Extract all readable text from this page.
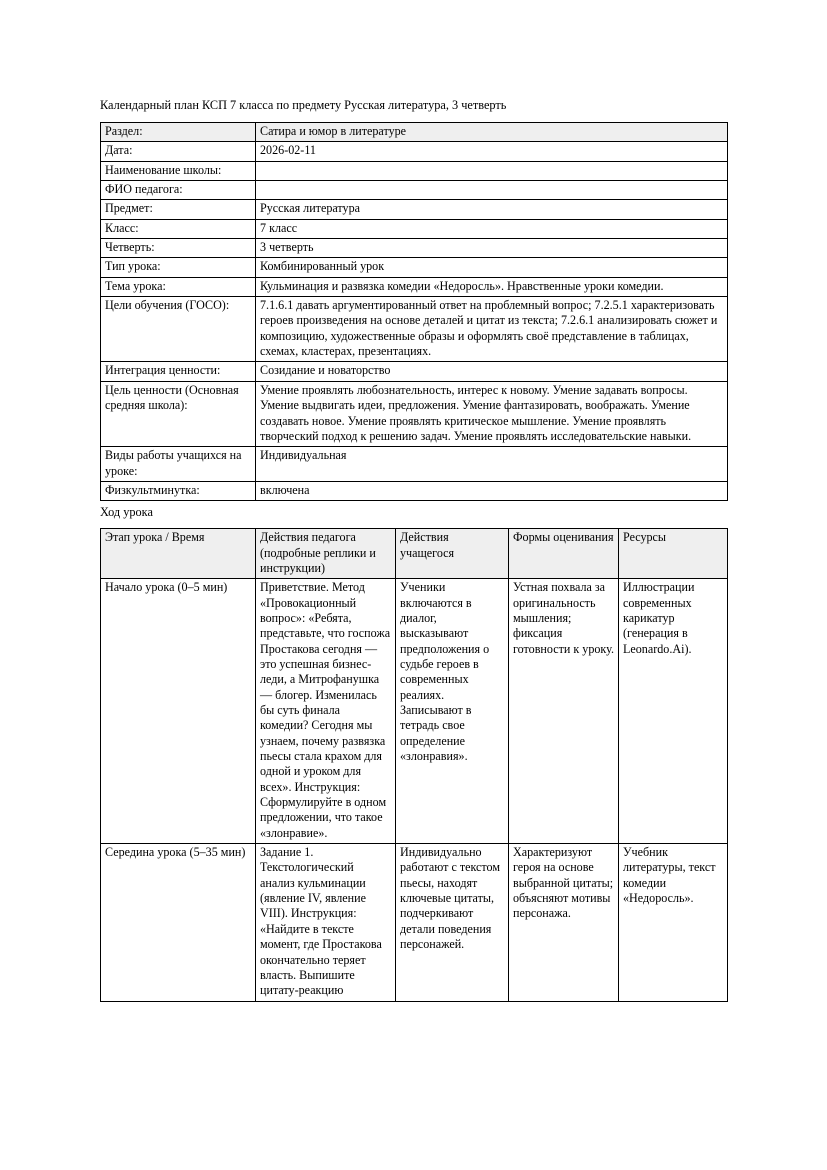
Календарный план КСП 7 класса по предмету Русская литература, 3 четверть
Раздел:	Сатира и юмор в литературе
Дата:	2026-02-11
Наименование школы:	
ФИО педагога:	
Предмет:	Русская литература
Класс:	7 класс
Четверть:	3 четверть
Тип урока:	Комбинированный урок
Тема урока:	Кульминация и развязка комедии «Недоросль». Нравственные уроки комедии.
Цели обучения (ГОСО):	7.1.6.1 давать аргументированный ответ на проблемный вопрос; 7.2.5.1 характеризовать героев произведения на основе деталей и цитат из текста; 7.2.6.1 анализировать сюжет и композицию, художественные образы и оформлять своё представление в таблицах, схемах, кластерах, презентациях.
Интеграция ценности:	Созидание и новаторство
Цель ценности (Основная средняя школа):	Умение проявлять любознательность, интерес к новому. Умение задавать вопросы. Умение выдвигать идеи, предложения. Умение фантазировать, воображать. Умение создавать новое. Умение проявлять критическое мышление. Умение проявлять творческий подход к решению задач. Умение проявлять исследовательские навыки.
Виды работы учащихся на уроке:	Индивидуальная
Физкультминутка:	включена
Ход урока
Этап урока / Время	Действия педагога (подробные реплики и инструкции)	Действия учащегося	Формы оценивания	Ресурсы
Начало урока (0–5 мин)	Приветствие. Метод «Провокационный вопрос»: «Ребята, представьте, что госпожа Простакова сегодня — это успешная бизнес-леди, а Митрофанушка — блогер. Изменилась бы суть финала комедии? Сегодня мы узнаем, почему развязка пьесы стала крахом для одной и уроком для всех». Инструкция: Сформулируйте в одном предложении, что такое «злонравие».	Ученики включаются в диалог, высказывают предположения о судьбе героев в современных реалиях. Записывают в тетрадь свое определение «злонравия».	Устная похвала за оригинальность мышления; фиксация готовности к уроку.	Иллюстрации современных карикатур (генерация в Leonardo.Ai).
Середина урока (5–35 мин)	Задание 1. Текстологический анализ кульминации (явление IV, явление VIII). Инструкция: «Найдите в тексте момент, где Простакова окончательно теряет власть. Выпишите цитату-реакцию	Индивидуально работают с текстом пьесы, находят ключевые цитаты, подчеркивают детали поведения персонажей.	Характеризуют героя на основе выбранной цитаты; объясняют мотивы персонажа.	Учебник литературы, текст комедии «Недоросль».
